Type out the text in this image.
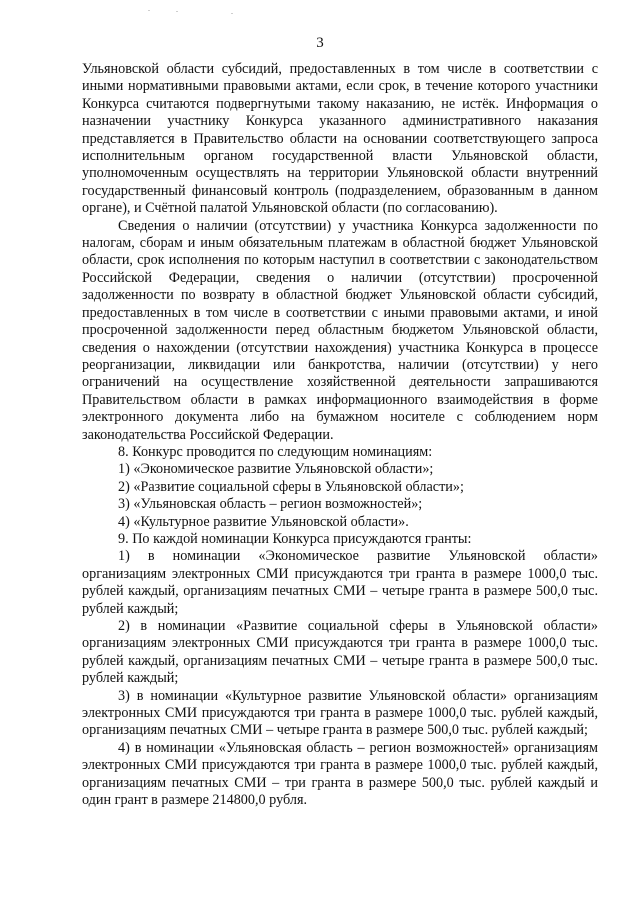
3

Ульяновской области субсидий, предоставленных в том числе в соответствии с иными нормативными правовыми актами, если срок, в течение которого участники Конкурса считаются подвергнутыми такому наказанию, не истёк. Информация о назначении участнику Конкурса указанного административного наказания представляется в Правительство области на основании соответствующего запроса исполнительным органом государственной власти Ульяновской области, уполномоченным осуществлять на территории Ульяновской области внутренний государственный финансовый контроль (подразделением, образованным в данном органе), и Счётной палатой Ульяновской области (по согласованию).

Сведения о наличии (отсутствии) у участника Конкурса задолженности по налогам, сборам и иным обязательным платежам в областной бюджет Ульяновской области, срок исполнения по которым наступил в соответствии с законодательством Российской Федерации, сведения о наличии (отсутствии) просроченной задолженности по возврату в областной бюджет Ульяновской области субсидий, предоставленных в том числе в соответствии с иными правовыми актами, и иной просроченной задолженности перед областным бюджетом Ульяновской области, сведения о нахождении (отсутствии нахождения) участника Конкурса в процессе реорганизации, ликвидации или банкротства, наличии (отсутствии) у него ограничений на осуществление хозяйственной деятельности запрашиваются Правительством области в рамках информационного взаимодействия в форме электронного документа либо на бумажном носителе с соблюдением норм законодательства Российской Федерации.

8. Конкурс проводится по следующим номинациям:

1) «Экономическое развитие Ульяновской области»;

2) «Развитие социальной сферы в Ульяновской области»;

3) «Ульяновская область – регион возможностей»;

4) «Культурное развитие Ульяновской области».

9. По каждой номинации Конкурса присуждаются гранты:

1) в номинации «Экономическое развитие Ульяновской области» организациям электронных СМИ присуждаются три гранта в размере 1000,0 тыс. рублей каждый, организациям печатных СМИ – четыре гранта в размере 500,0 тыс. рублей каждый;

2) в номинации «Развитие социальной сферы в Ульяновской области» организациям электронных СМИ присуждаются три гранта в размере 1000,0 тыс. рублей каждый, организациям печатных СМИ – четыре гранта в размере 500,0 тыс. рублей каждый;

3) в номинации «Культурное развитие Ульяновской области» организациям электронных СМИ присуждаются три гранта в размере 1000,0 тыс. рублей каждый, организациям печатных СМИ – четыре гранта в размере 500,0 тыс. рублей каждый;

4) в номинации «Ульяновская область – регион возможностей» организациям электронных СМИ присуждаются три гранта в размере 1000,0 тыс. рублей каждый, организациям печатных СМИ – три гранта в размере 500,0 тыс. рублей каждый и один грант в размере 214800,0 рубля.
